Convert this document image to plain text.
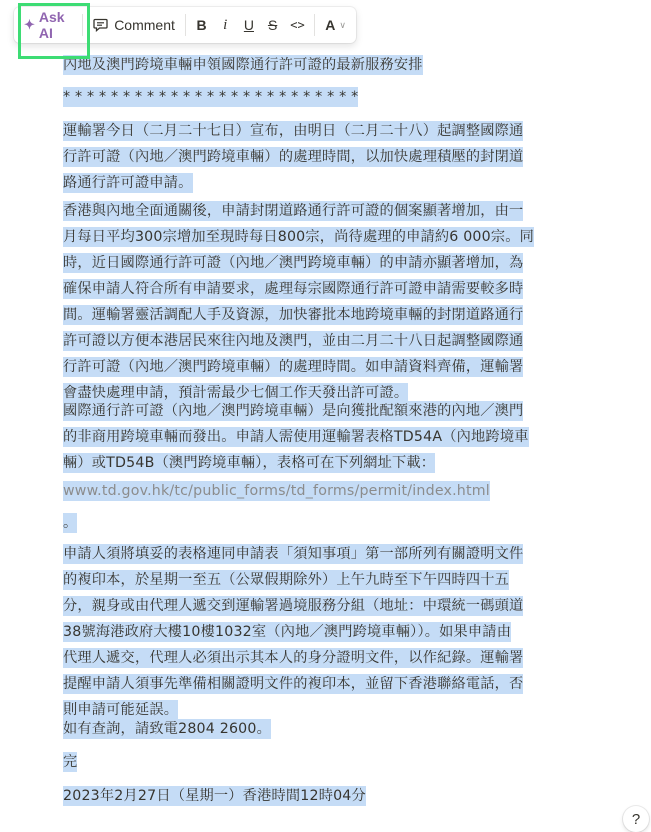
✦ Ask AI	Comment	B	i	U S	<>	A ∨
內地及澳門跨境車輛申領國際通行許可證的最新服務安排
* * * * * * * * * * * * * * * * * * * * * * * * *
運輸署今日（二月二十七日）宣布，由明日（二月二十八）起調整國際通
行許可證（內地／澳門跨境車輛）的處理時間，以加快處理積壓的封閉道
路通行許可證申請。
香港與內地全面通關後，申請封閉道路通行許可證的個案顯著增加，由一
月每日平均300宗增加至現時每日800宗，尚待處理的申請約6 000宗。同
時，近日國際通行許可證（內地／澳門跨境車輛）的申請亦顯著增加，為
確保申請人符合所有申請要求，處理每宗國際通行許可證申請需要較多時
間。運輸署靈活調配人手及資源，加快審批本地跨境車輛的封閉道路通行
許可證以方便本港居民來往內地及澳門，並由二月二十八日起調整國際通
行許可證（內地／澳門跨境車輛）的處理時間。如申請資料齊備，運輸署
會盡快處理申請，預計需最少七個工作天發出許可證。
國際通行許可證（內地／澳門跨境車輛）是向獲批配額來港的內地／澳門
的非商用跨境車輛而發出。申請人需使用運輸署表格TD54A（內地跨境車
輛）或TD54B（澳門跨境車輛），表格可在下列網址下載：
www.td.gov.hk/tc/public_forms/td_forms/permit/index.html
。
申請人須將填妥的表格連同申請表「須知事項」第一部所列有關證明文件
的複印本，於星期一至五（公眾假期除外）上午九時至下午四時四十五
分，親身或由代理人遞交到運輸署過境服務分組（地址：中環統一碼頭道
38號海港政府大樓10樓1032室（內地／澳門跨境車輛））。如果申請由
代理人遞交，代理人必須出示其本人的身分證明文件，以作紀錄。運輸署
提醒申請人須事先準備相關證明文件的複印本，並留下香港聯絡電話，否
則申請可能延誤。
如有查詢，請致電2804 2600。
完
2023年2月27日（星期一）香港時間12時04分
?
